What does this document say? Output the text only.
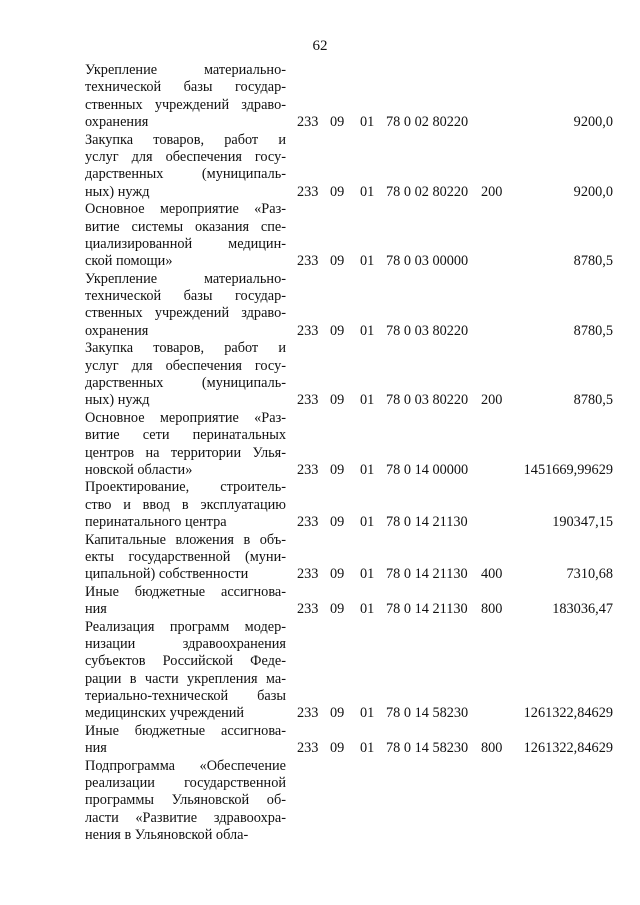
62
Укрепление материально-
технической базы государ-
ственных учреждений здраво-
охранения	233 09 01 78 0 02 80220	9200,0
Закупка товаров, работ и
услуг для обеспечения госу-
дарственных (муниципаль-
ных) нужд	233 09 01 78 0 02 80220 200	9200,0
Основное мероприятие «Раз-
витие системы оказания спе-
циализированной медицин-
ской помощи»	233 09 01 78 0 03 00000	8780,5
Укрепление материально-
технической базы государ-
ственных учреждений здраво-
охранения	233 09 01 78 0 03 80220	8780,5
Закупка товаров, работ и
услуг для обеспечения госу-
дарственных (муниципаль-
ных) нужд	233 09 01 78 0 03 80220 200	8780,5
Основное мероприятие «Раз-
витие сети перинатальных
центров на территории Улья-
новской области»	233 09 01 78 0 14 00000	1451669,99629
Проектирование, строитель-
ство и ввод в эксплуатацию
перинатального центра	233 09 01 78 0 14 21130	190347,15
Капитальные вложения в объ-
екты государственной (муни-
ципальной) собственности	233 09 01 78 0 14 21130 400	7310,68
Иные бюджетные ассигнова-
ния	233 09 01 78 0 14 21130 800	183036,47
Реализация программ модер-
низации здравоохранения
субъектов Российской Феде-
рации в части укрепления ма-
териально-технической базы
медицинских учреждений	233 09 01 78 0 14 58230	1261322,84629
Иные бюджетные ассигнова-
ния	233 09 01 78 0 14 58230 800 1261322,84629
Подпрограмма «Обеспечение
реализации государственной
программы Ульяновской об-
ласти «Развитие здравоохра-
нения в Ульяновской обла-
